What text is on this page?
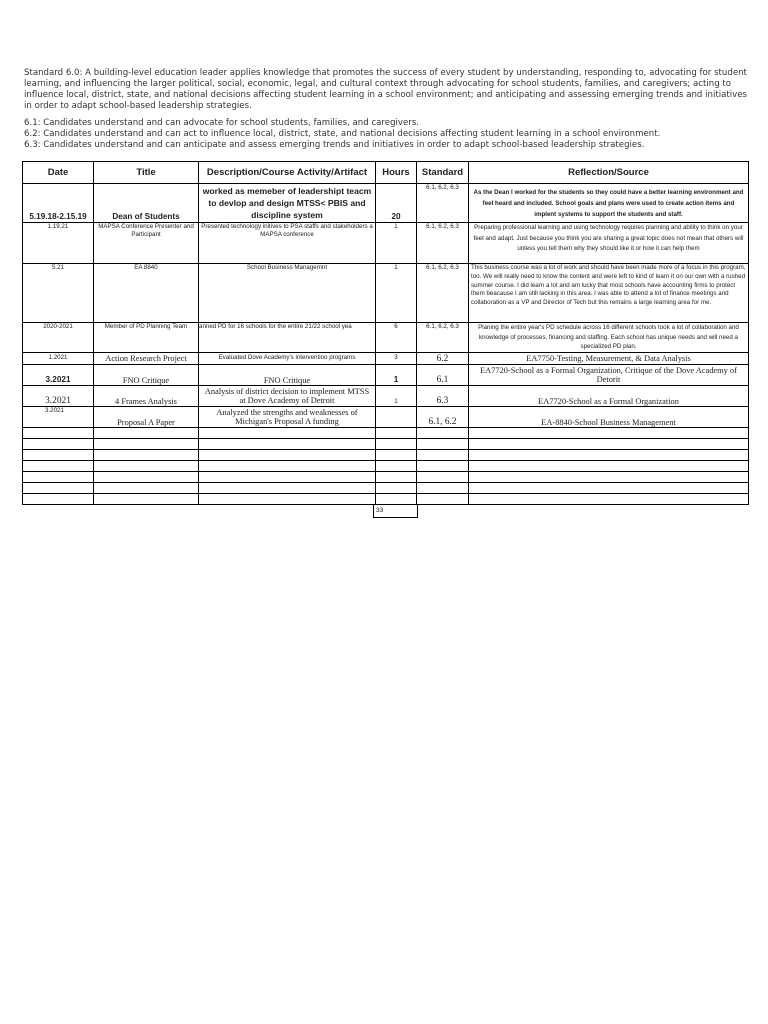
Standard 6.0: A building-level education leader applies knowledge that promotes the success of every student by understanding, responding to, advocating for student learning, and influencing the larger political, social, economic, legal, and cultural context through advocating for school students, families, and caregivers; acting to influence local, district, state, and national decisions affecting student learning in a school environment; and anticipating and assessing emerging trends and initiatives in order to adapt school-based leadership strategies.

6.1: Candidates understand and can advocate for school students, families, and caregivers.

6.2: Candidates understand and can act to influence local, district, state, and national decisions affecting student learning in a school environment.

6.3: Candidates understand and can anticipate and assess emerging trends and initiatives in order to adapt school-based leadership strategies.

Date	Title	Description/Course Activity/Artifact	Hours	Standard	Reflection/Source
5.19.18-2.15.19	Dean of Students	worked as memeber of leadershipt teacm to devlop and design MTSS< PBIS and discipline system	20	6.1, 6.2, 6.3	As the Dean I worked for the students so they could have a better learning environment and feel heard and included. School goals and plans were used to create action items and implent systems to support the students and staff.
1.19.21	MAPSA Conference Presenter and Participant	Presented technology initives to PSA staffs and stakeholders a MAPSA conference	1	6.1, 6.2, 6.3	Preparing professional learning and using technology requires planning and ability to think on your feet and adapt. Just because you think you are sharing a great topic does not mean that others will unless you tell them why they should like it or how it can help them
5.21	EA 8840	School Business Managemnt	1	6.1, 6.2, 6.3	This business course was a lot of work and should have been made more of a focus in this program, too. We will really need to know the content and were left to kind of learn it on our own with a rushed summer course. I did learn a lot and am lucky that most schools have accounting firms to protect them beacause I am still lacking in this area. I was able to attend a lot of finance meetings and collaboration as a VP and Director of Tech but this remains a large learning area for me.
2020-2021	Member of PD Planning Team	anned PD for 16 schools for the entire 21/22 school yea	6	6.1, 6.2, 6.3	Planing the entire year's PD schedule across 16 different schools took a lot of collaboration and knowledge of processes, financing and staffing. Each school has unique needs and will need a specialized PD plan.
1.2021	Action Research Project	Evaluated Dove Academy's interventino programs	3	6.2	EA7750-Testing, Measurement, & Data Analysis
3.2021	FNO Critique	FNO Critique	1	6.1	EA7720-School as a Formal Organization, Critique of the Dove Academy of Detorit
3.2021	4 Frames Analysis	Analysis of district decision to implement MTSS at Dove Academy of Detroit	1	6.3	EA7720-School as a Formal Organization
3.2021	Proposal A Paper	Analyzed the strengths and weaknesses of Michigan's Proposal A funding		6.1, 6.2	EA-8840-School Business Management

33
